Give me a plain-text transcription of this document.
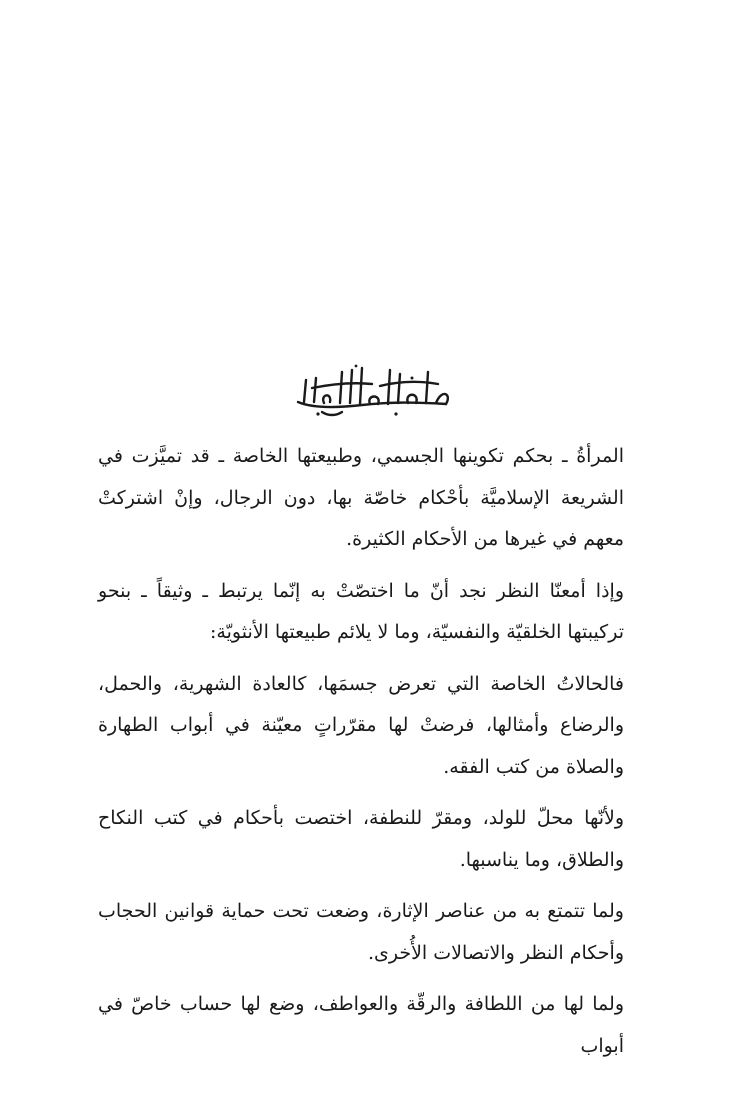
المرأةُ ـ بحكم تكوينها الجسمي، وطبيعتها الخاصة ـ قد تميَّزت في الشريعة الإسلاميَّة بأحْكام خاصّة بها، دون الرجال، وإنْ اشتركتْ معهم في غيرها من الأحكام الكثيرة.

وإذا أمعنّا النظر نجد أنّ ما اختصّتْ به إنّما يرتبط ـ وثيقاً ـ بنحو تركيبتها الخلقيّة والنفسيّة، وما لا يلائم طبيعتها الأنثويّة:

فالحالاتُ الخاصة التي تعرض جسمَها، كالعادة الشهرية، والحمل، والرضاع وأمثالها، فرضتْ لها مقرّراتٍ معيّنة في أبواب الطهارة والصلاة من كتب الفقه.

ولأنّها محلّ للولد، ومقرّ للنطفة، اختصت بأحكام في كتب النكاح والطلاق، وما يناسبها.

ولما تتمتع به من عناصر الإثارة، وضعت تحت حماية قوانين الحجاب وأحكام النظر والاتصالات الأُخرى.

ولما لها من اللطافة والرقّة والعواطف، وضع لها حساب خاصّ في أبواب
